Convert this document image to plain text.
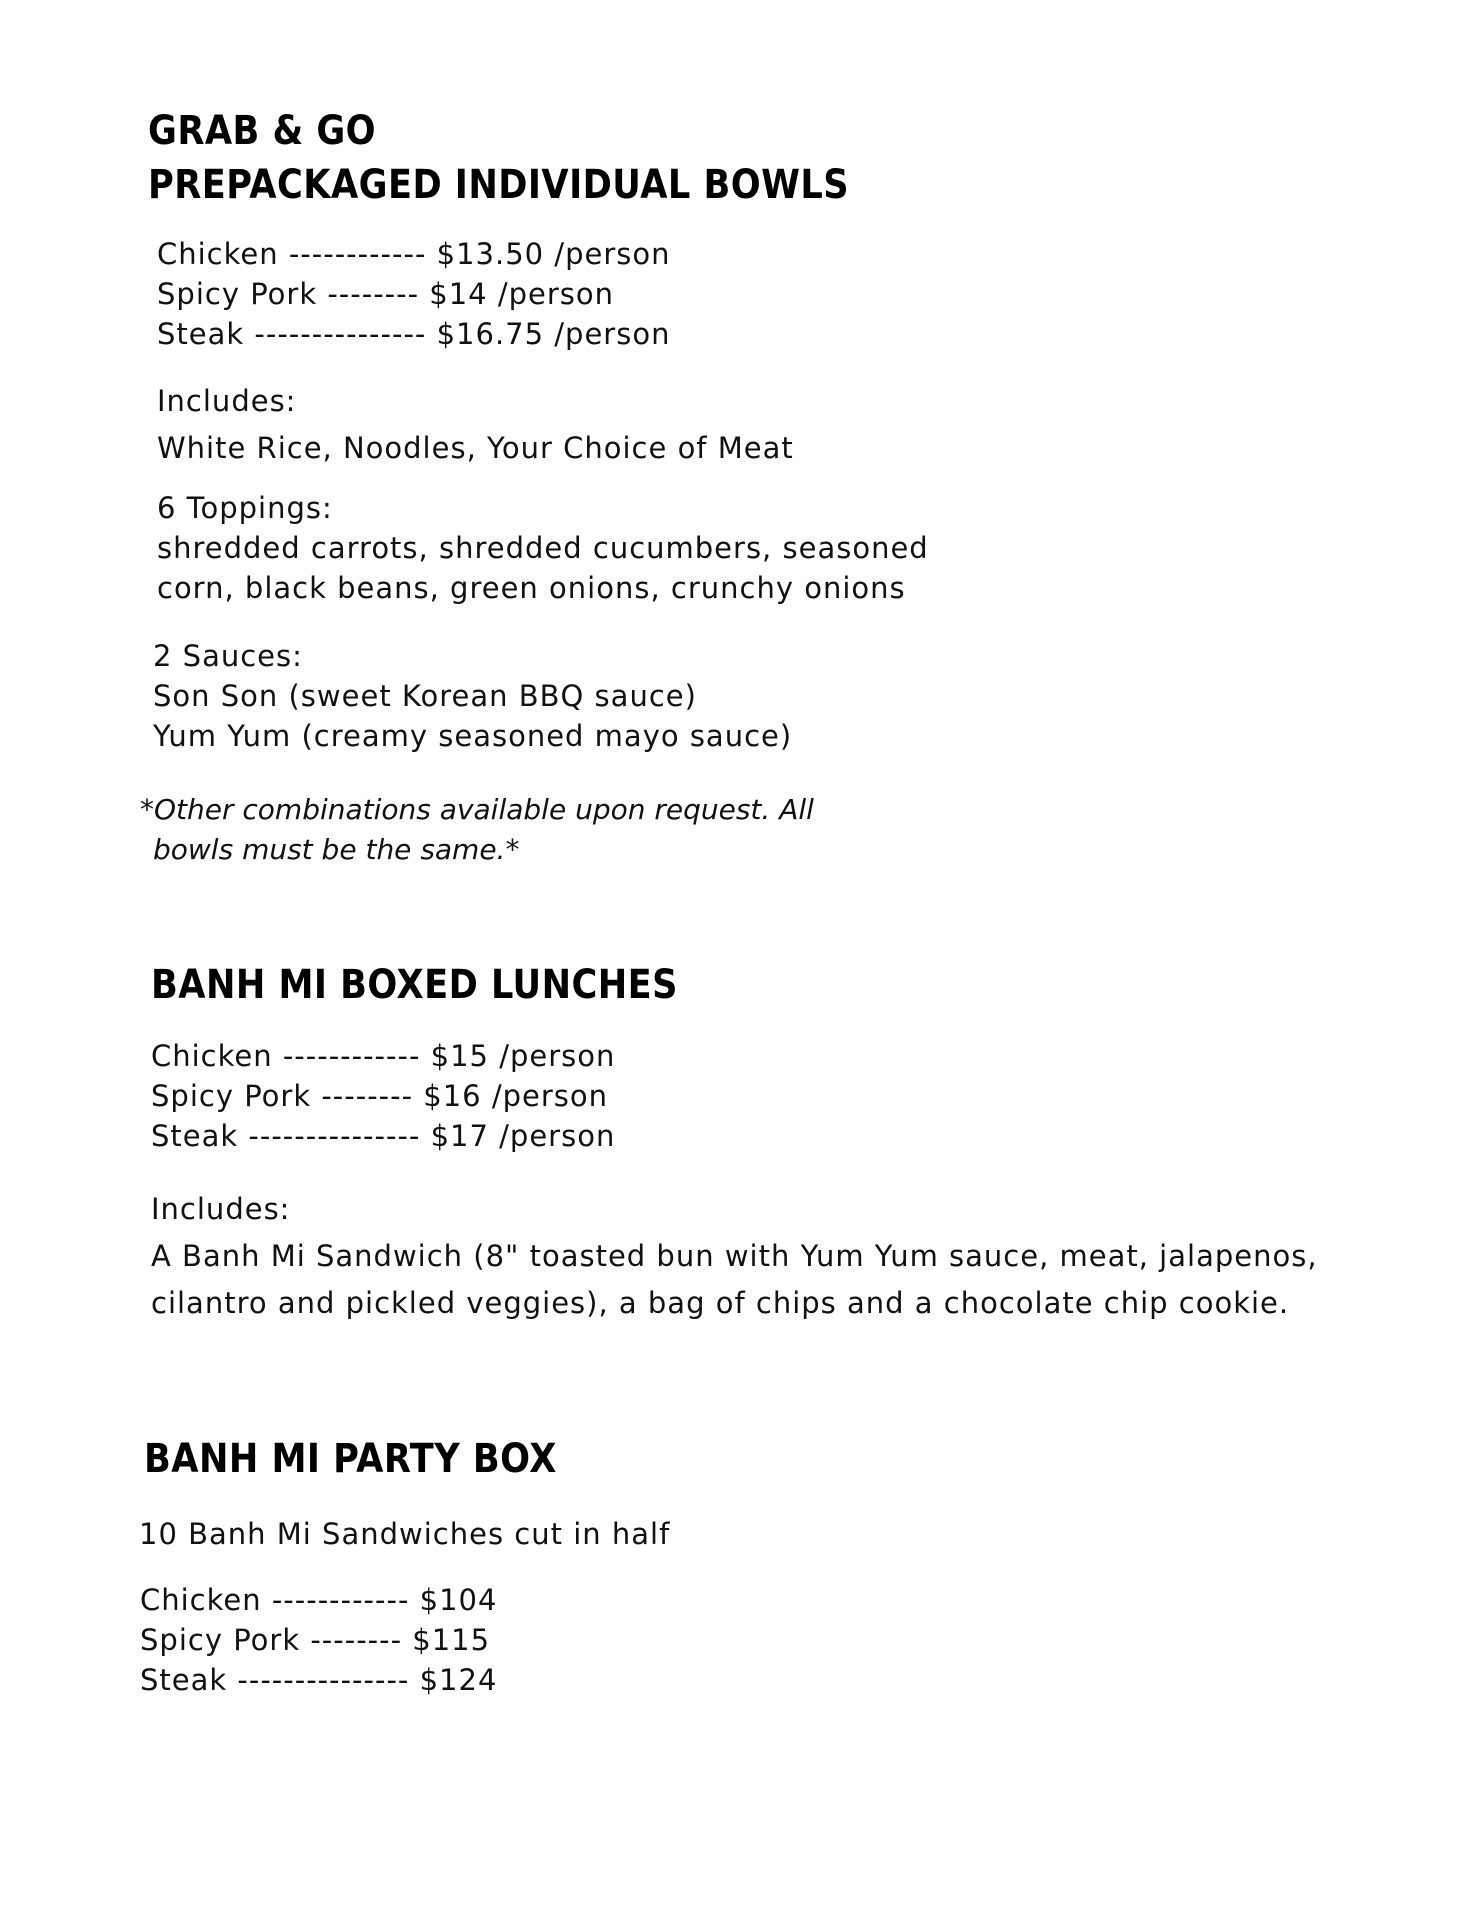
GRAB & GO
PREPACKAGED INDIVIDUAL BOWLS
Chicken ------------ $13.50 /person
Spicy Pork -------- $14 /person
Steak --------------- $16.75 /person
Includes:
White Rice, Noodles, Your Choice of Meat
6 Toppings:
shredded carrots, shredded cucumbers, seasoned
corn, black beans, green onions, crunchy onions
2 Sauces:
Son Son (sweet Korean BBQ sauce)
Yum Yum (creamy seasoned mayo sauce)
*Other combinations available upon request. All
bowls must be the same.*
BANH MI BOXED LUNCHES
Chicken ------------ $15 /person
Spicy Pork -------- $16 /person
Steak --------------- $17 /person
Includes:
A Banh Mi Sandwich (8" toasted bun with Yum Yum sauce, meat, jalapenos,
cilantro and pickled veggies), a bag of chips and a chocolate chip cookie.
BANH MI PARTY BOX
10 Banh Mi Sandwiches cut in half
Chicken ------------ $104
Spicy Pork -------- $115
Steak --------------- $124
